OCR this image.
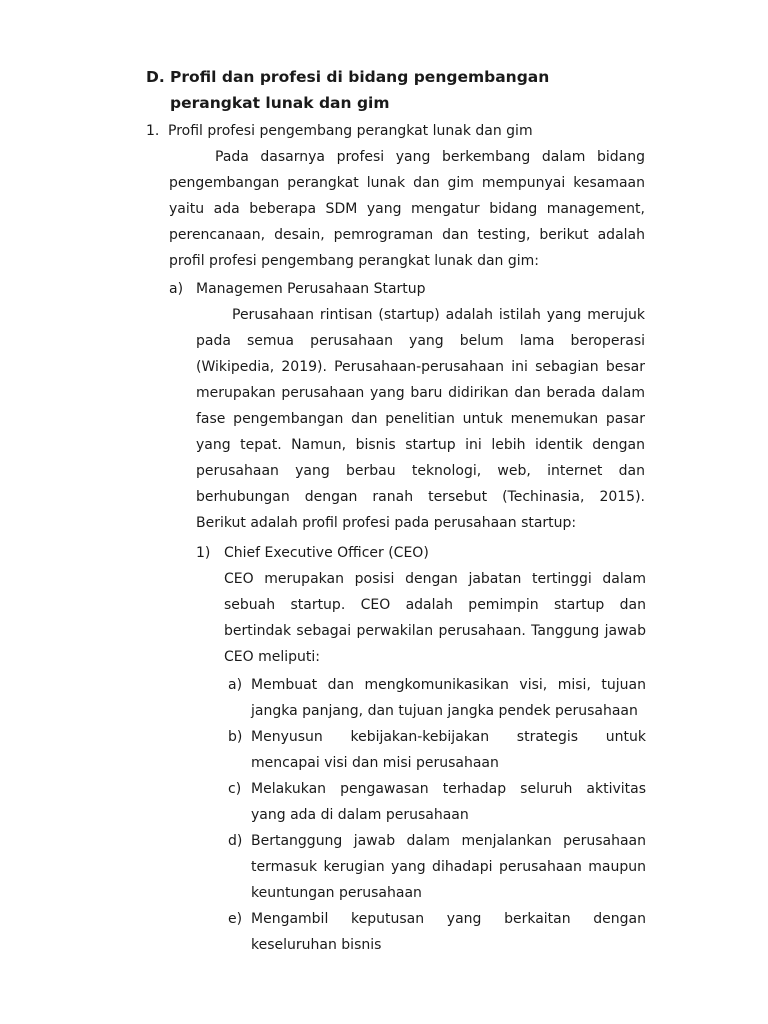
D. Profil dan profesi di bidang pengembangan perangkat lunak dan gim
1. Profil profesi pengembang perangkat lunak dan gim

Pada dasarnya profesi yang berkembang dalam bidang pengembangan perangkat lunak dan gim mempunyai kesamaan yaitu ada beberapa SDM yang mengatur bidang management, perencanaan, desain, pemrograman dan testing, berikut adalah profil profesi pengembang perangkat lunak dan gim:

a) Managemen Perusahaan Startup

Perusahaan rintisan (startup) adalah istilah yang merujuk pada semua perusahaan yang belum lama beroperasi (Wikipedia, 2019). Perusahaan-perusahaan ini sebagian besar merupakan perusahaan yang baru didirikan dan berada dalam fase pengembangan dan penelitian untuk menemukan pasar yang tepat. Namun, bisnis startup ini lebih identik dengan perusahaan yang berbau teknologi, web, internet dan berhubungan dengan ranah tersebut (Techinasia, 2015). Berikut adalah profil profesi pada perusahaan startup:

1) Chief Executive Officer (CEO)

CEO merupakan posisi dengan jabatan tertinggi dalam sebuah startup. CEO adalah pemimpin startup dan bertindak sebagai perwakilan perusahaan. Tanggung jawab CEO meliputi:

a) Membuat dan mengkomunikasikan visi, misi, tujuan jangka panjang, dan tujuan jangka pendek perusahaan
b) Menyusun kebijakan-kebijakan strategis untuk mencapai visi dan misi perusahaan
c) Melakukan pengawasan terhadap seluruh aktivitas yang ada di dalam perusahaan
d) Bertanggung jawab dalam menjalankan perusahaan termasuk kerugian yang dihadapi perusahaan maupun keuntungan perusahaan
e) Mengambil keputusan yang berkaitan dengan keseluruhan bisnis
